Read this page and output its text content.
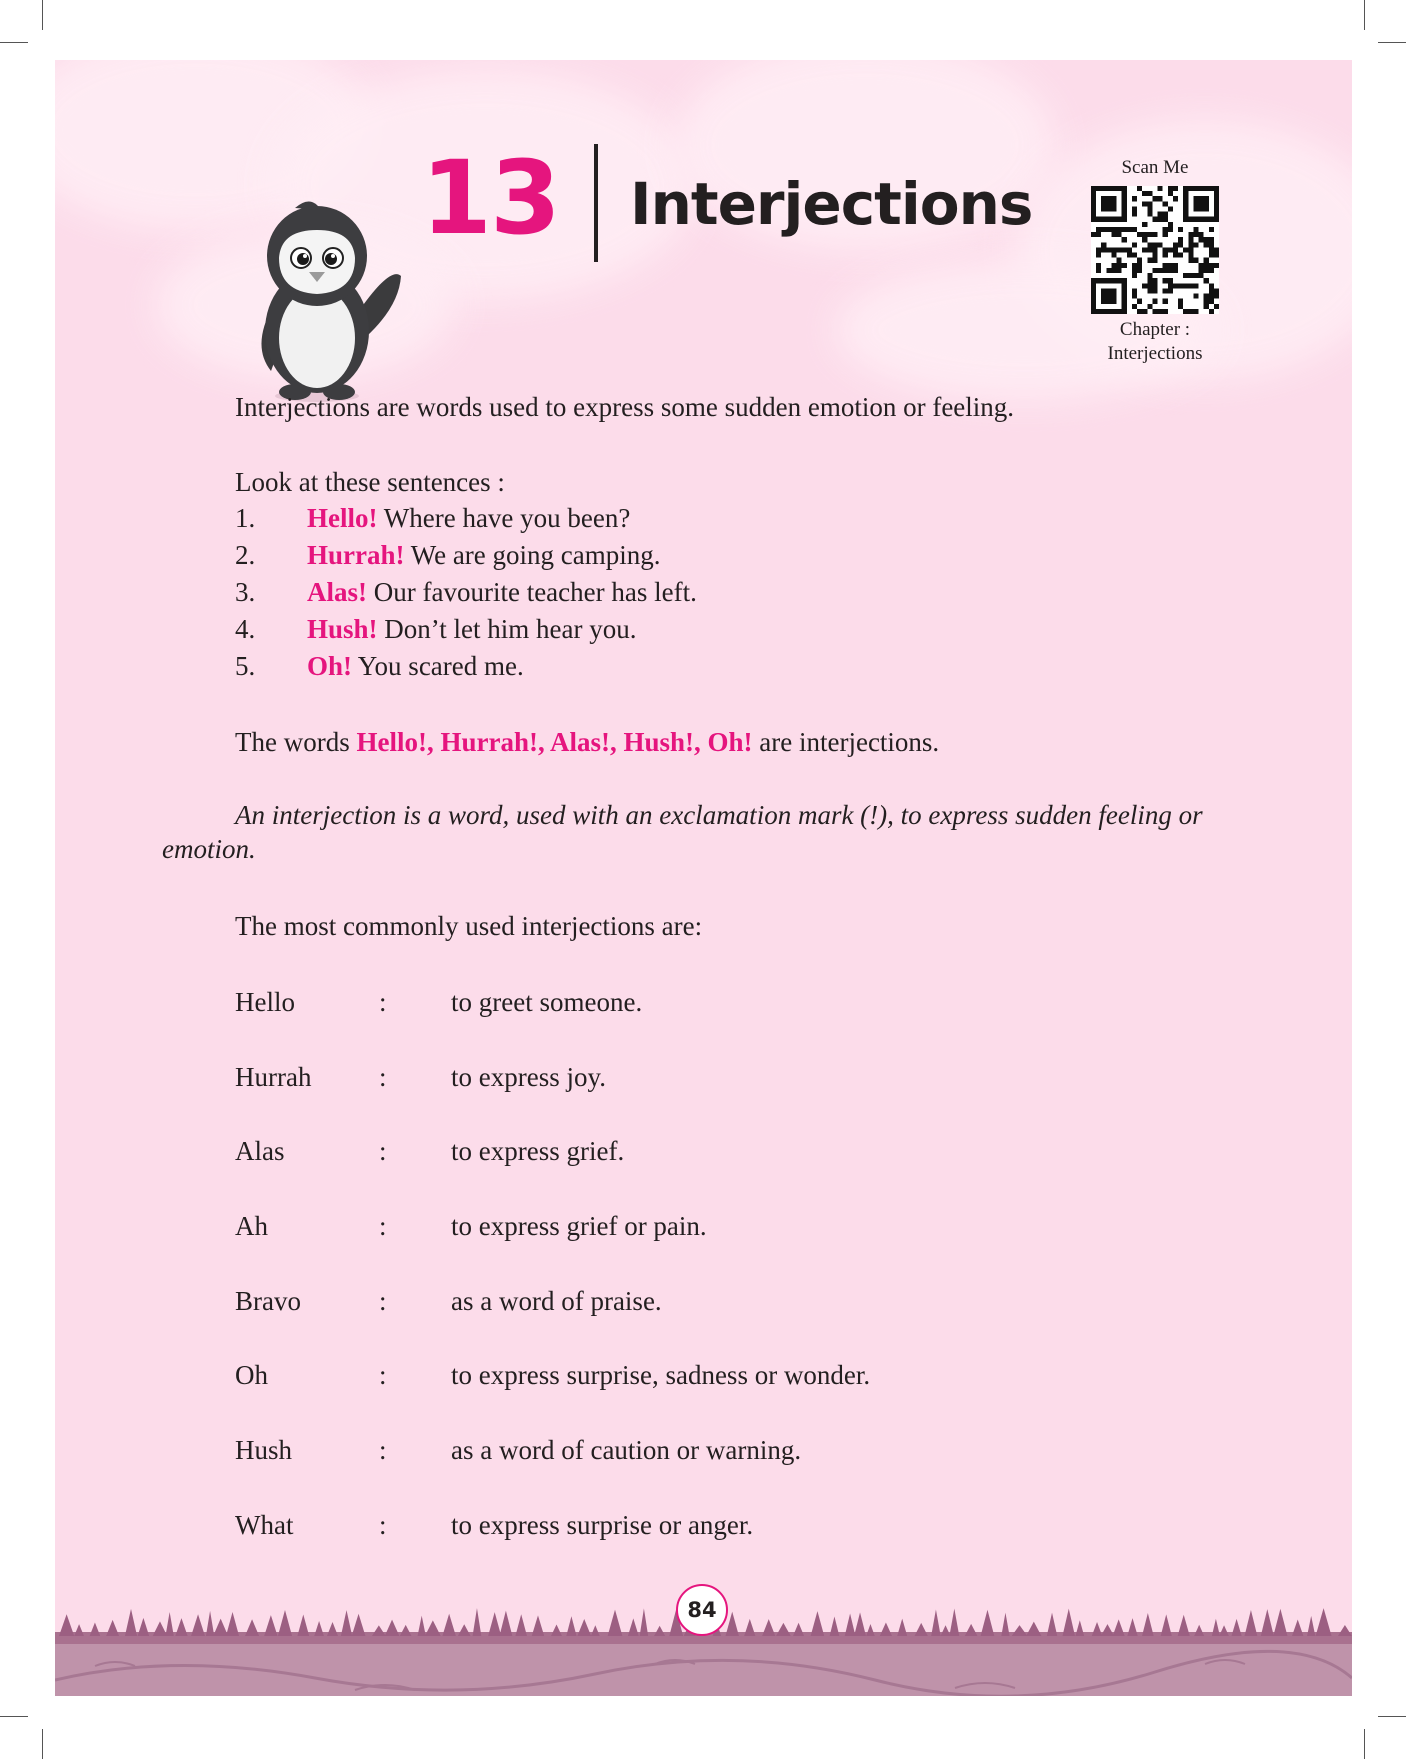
13 Interjections
Scan Me
Chapter :
Interjections
Interjections are words used to express some sudden emotion or feeling.
Look at these sentences :
1. Hello! Where have you been?
2. Hurrah! We are going camping.
3. Alas! Our favourite teacher has left.
4. Hush! Don’t let him hear you.
5. Oh! You scared me.
The words Hello!, Hurrah!, Alas!, Hush!, Oh! are interjections.
An interjection is a word, used with an exclamation mark (!), to express sudden feeling or
emotion.
The most commonly used interjections are:
Hello	: to greet someone.
Hurrah	: to express joy.
Alas	: to express grief.
Ah	: to express grief or pain.
Bravo	: as a word of praise.
Oh	: to express surprise, sadness or wonder.
Hush	: as a word of caution or warning.
What	: to express surprise or anger.
84
